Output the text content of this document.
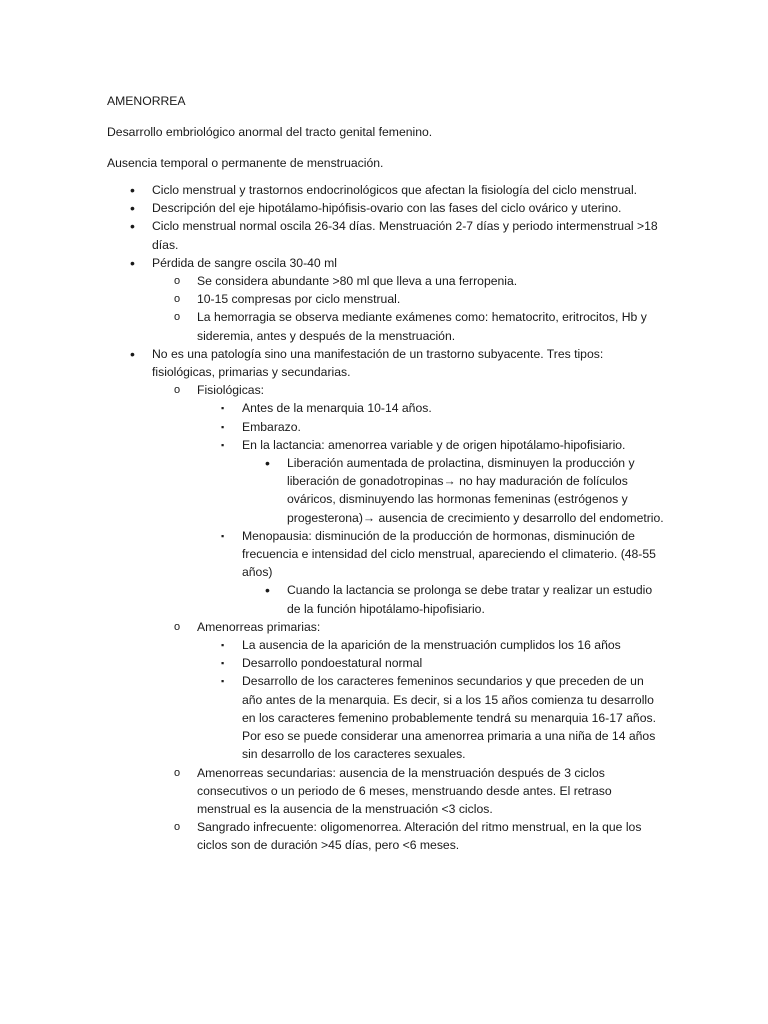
AMENORREA

Desarrollo embriológico anormal del tracto genital femenino.

Ausencia temporal o permanente de menstruación.

• Ciclo menstrual y trastornos endocrinológicos que afectan la fisiología del ciclo menstrual.
• Descripción del eje hipotálamo-hipófisis-ovario con las fases del ciclo ovárico y uterino.
• Ciclo menstrual normal oscila 26-34 días. Menstruación 2-7 días y periodo intermenstrual >18 días.
• Pérdida de sangre oscila 30-40 ml
o Se considera abundante >80 ml que lleva a una ferropenia.
o 10-15 compresas por ciclo menstrual.
o La hemorragia se observa mediante exámenes como: hematocrito, eritrocitos, Hb y sideremia, antes y después de la menstruación.
• No es una patología sino una manifestación de un trastorno subyacente. Tres tipos: fisiológicas, primarias y secundarias.
o Fisiológicas:
▪ Antes de la menarquia 10-14 años.
▪ Embarazo.
▪ En la lactancia: amenorrea variable y de origen hipotálamo-hipofisiario.
• Liberación aumentada de prolactina, disminuyen la producción y liberación de gonadotropinas→ no hay maduración de folículos ováricos, disminuyendo las hormonas femeninas (estrógenos y progesterona)→ ausencia de crecimiento y desarrollo del endometrio.
▪ Menopausia: disminución de la producción de hormonas, disminución de frecuencia e intensidad del ciclo menstrual, apareciendo el climaterio. (48-55 años)
• Cuando la lactancia se prolonga se debe tratar y realizar un estudio de la función hipotálamo-hipofisiario.
o Amenorreas primarias:
▪ La ausencia de la aparición de la menstruación cumplidos los 16 años
▪ Desarrollo pondoestatural normal
▪ Desarrollo de los caracteres femeninos secundarios y que preceden de un año antes de la menarquia. Es decir, si a los 15 años comienza tu desarrollo en los caracteres femenino probablemente tendrá su menarquia 16-17 años. Por eso se puede considerar una amenorrea primaria a una niña de 14 años sin desarrollo de los caracteres sexuales.
o Amenorreas secundarias: ausencia de la menstruación después de 3 ciclos consecutivos o un periodo de 6 meses, menstruando desde antes. El retraso menstrual es la ausencia de la menstruación <3 ciclos.
o Sangrado infrecuente: oligomenorrea. Alteración del ritmo menstrual, en la que los ciclos son de duración >45 días, pero <6 meses.
